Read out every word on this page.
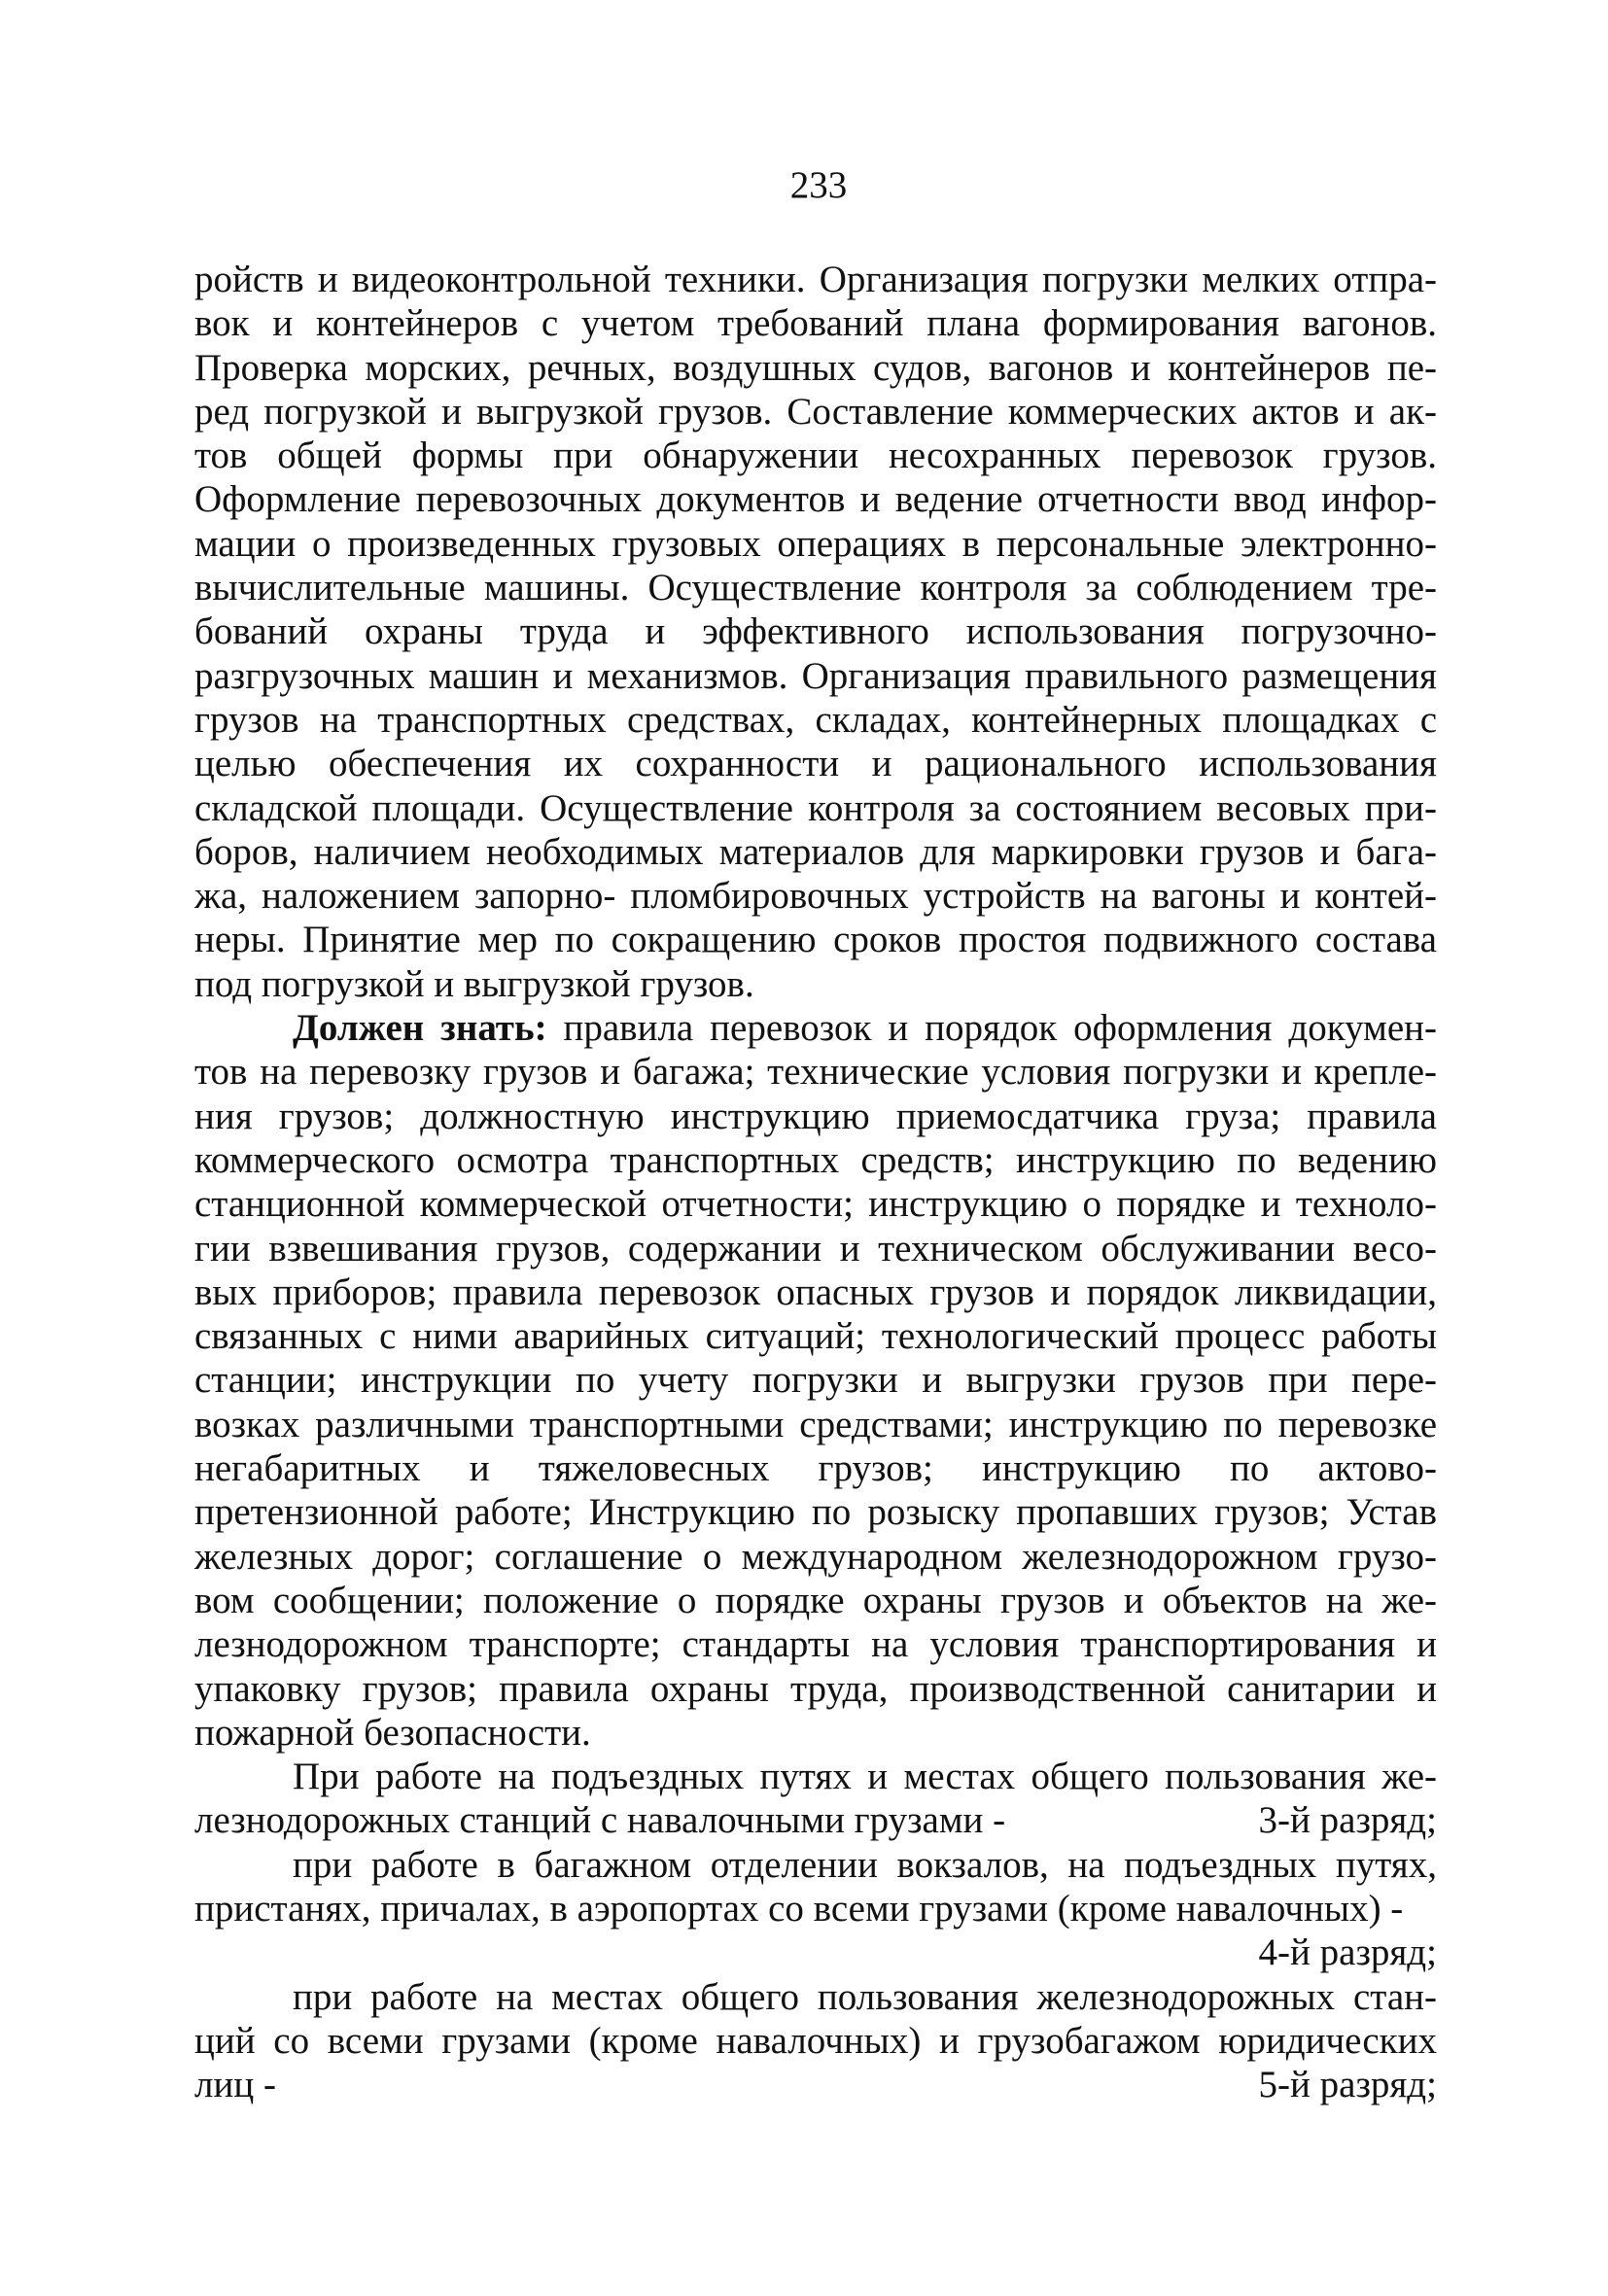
233
ройств и видеоконтрольной техники. Организация погрузки мелких отпра-
вок и контейнеров с учетом требований плана формирования вагонов.
Проверка морских, речных, воздушных судов, вагонов и контейнеров пе-
ред погрузкой и выгрузкой грузов. Составление коммерческих актов и ак-
тов общей формы при обнаружении несохранных перевозок грузов.
Оформление перевозочных документов и ведение отчетности ввод инфор-
мации о произведенных грузовых операциях в персональные электронно-
вычислительные машины. Осуществление контроля за соблюдением тре-
бований охраны труда и эффективного использования погрузочно-
разгрузочных машин и механизмов. Организация правильного размещения
грузов на транспортных средствах, складах, контейнерных площадках с
целью обеспечения их сохранности и рационального использования
складской площади. Осуществление контроля за состоянием весовых при-
боров, наличием необходимых материалов для маркировки грузов и бага-
жа, наложением запорно- пломбировочных устройств на вагоны и контей-
неры. Принятие мер по сокращению сроков простоя подвижного состава
под погрузкой и выгрузкой грузов.
Должен знать: правила перевозок и порядок оформления докумен-
тов на перевозку грузов и багажа; технические условия погрузки и крепле-
ния грузов; должностную инструкцию приемосдатчика груза; правила
коммерческого осмотра транспортных средств; инструкцию по ведению
станционной коммерческой отчетности; инструкцию о порядке и техноло-
гии взвешивания грузов, содержании и техническом обслуживании весо-
вых приборов; правила перевозок опасных грузов и порядок ликвидации,
связанных с ними аварийных ситуаций; технологический процесс работы
станции; инструкции по учету погрузки и выгрузки грузов при пере-
возках различными транспортными средствами; инструкцию по перевозке
негабаритных и тяжеловесных грузов; инструкцию по актово-
претензионной работе; Инструкцию по розыску пропавших грузов; Устав
железных дорог; соглашение о международном железнодорожном грузо-
вом сообщении; положение о порядке охраны грузов и объектов на же-
лезнодорожном транспорте; стандарты на условия транспортирования и
упаковку грузов; правила охраны труда, производственной санитарии и
пожарной безопасности.
При работе на подъездных путях и местах общего пользования же-
лезнодорожных станций с навалочными грузами -	3-й разряд;
при работе в багажном отделении вокзалов, на подъездных путях,
пристанях, причалах, в аэропортах со всеми грузами (кроме навалочных) -
4-й разряд;
при работе на местах общего пользования железнодорожных стан-
ций со всеми грузами (кроме навалочных) и грузобагажом юридических
лиц -	5-й разряд;
